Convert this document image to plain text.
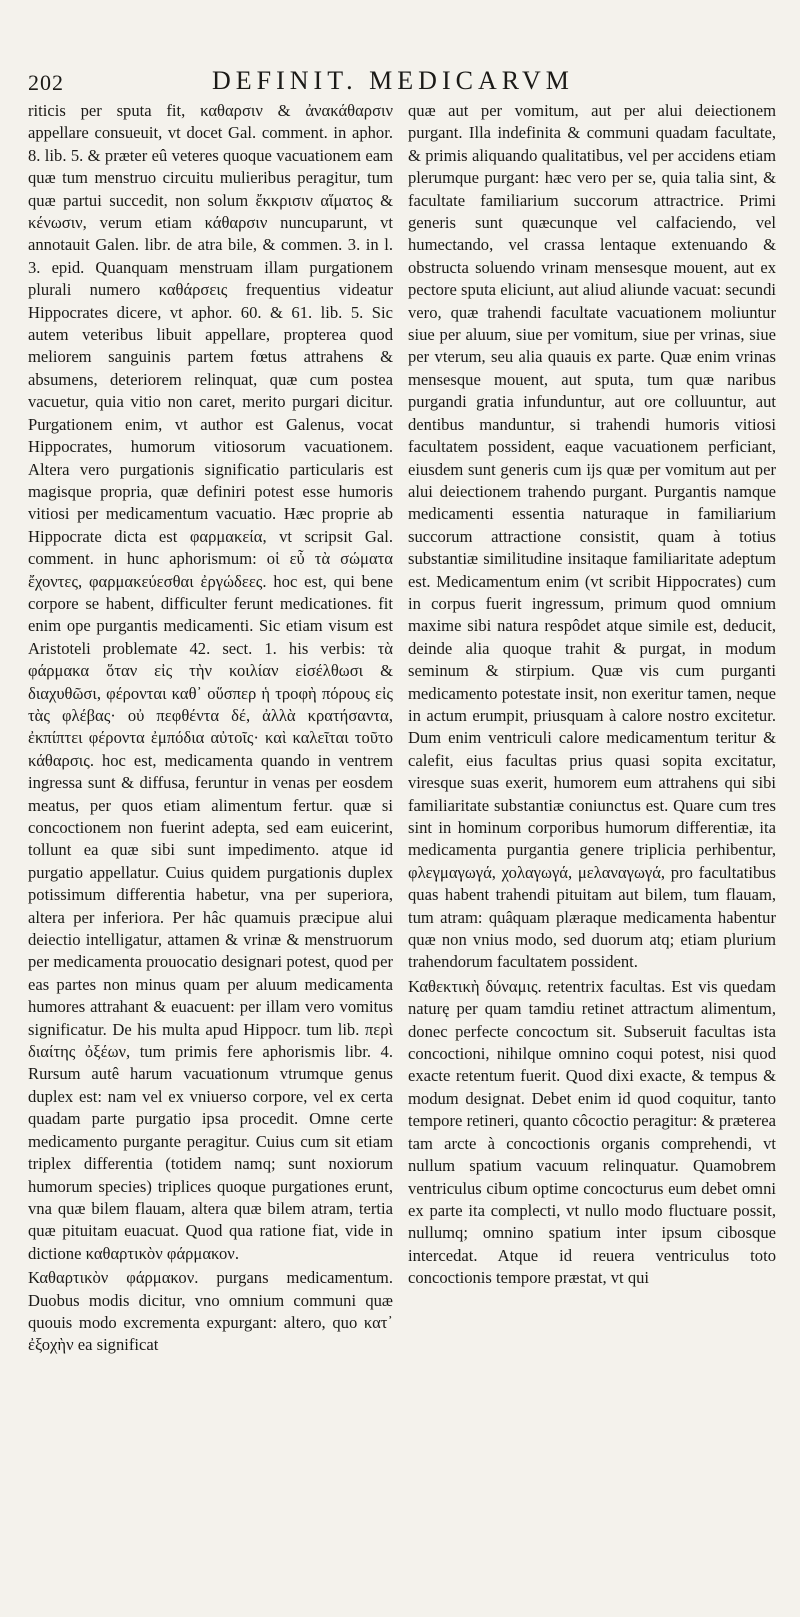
202	DEFINIT. MEDICARVM

riticis per sputa fit, καθαρσιν & ἀνακάθαρσιν appellare consueuit, vt docet Gal. comment. in aphor. 8. lib. 5. & præter eû veteres quoque vacuationem eam quæ tum menstruo circuitu mulieribus peragitur, tum quæ partui succedit, non solum ἔκκρισιν αἵματος & κένωσιν, verum etiam κάθαρσιν nuncuparunt, vt annotauit Galen. libr. de atra bile, & commen. 3. in l. 3. epid. Quanquam menstruam illam purgationem plurali numero καθάρσεις frequentius videatur Hippocrates dicere, vt aphor. 60. & 61. lib. 5. Sic autem veteribus libuit appellare, propterea quod meliorem sanguinis partem fœtus attrahens & absumens, deteriorem relinquat, quæ cum postea vacuetur, quia vitio non caret, merito purgari dicitur. Purgationem enim, vt author est Galenus, vocat Hippocrates, humorum vitiosorum vacuationem. Altera vero purgationis significatio particularis est magisque propria, quæ definiri potest esse humoris vitiosi per medicamentum vacuatio. Hæc proprie ab Hippocrate dicta est φαρμακεία, vt scripsit Gal. comment. in hunc aphorismum: οἱ εὖ τὰ σώματα ἔχοντες, φαρμακεύεσθαι ἐργώδεες. hoc est, qui bene corpore se habent, difficulter ferunt medicationes. fit enim ope purgantis medicamenti. Sic etiam visum est Aristoteli problemate 42. sect. 1. his verbis: τὰ φάρμακα ὅταν εἰς τὴν κοιλίαν εἰσέλθωσι & διαχυθῶσι, φέρονται καθ᾽ οὕσπερ ἡ τροφὴ πόρους εἰς τὰς φλέβας· οὐ πεφθέντα δέ, ἀλλὰ κρατήσαντα, ἐκπίπτει φέροντα ἐμπόδια αὐτοῖς· καὶ καλεῖται τοῦτο κάθαρσις. hoc est, medicamenta quando in ventrem ingressa sunt & diffusa, feruntur in venas per eosdem meatus, per quos etiam alimentum fertur. quæ si concoctionem non fuerint adepta, sed eam euicerint, tollunt ea quæ sibi sunt impedimento. atque id purgatio appellatur. Cuius quidem purgationis duplex potissimum differentia habetur, vna per superiora, altera per inferiora. Per hâc quamuis præcipue alui deiectio intelligatur, attamen & vrinæ & menstruorum per medicamenta prouocatio designari potest, quod per eas partes non minus quam per aluum medicamenta humores attrahant & euacuent: per illam vero vomitus significatur. De his multa apud Hippocr. tum lib. περὶ διαίτης ὀξέων, tum primis fere aphorismis libr. 4. Rursum autê harum vacuationum vtrumque genus duplex est: nam vel ex vniuerso corpore, vel ex certa quadam parte purgatio ipsa procedit. Omne certe medicamento purgante peragitur. Cuius cum sit etiam triplex differentia (totidem namq; sunt noxiorum humorum species) triplices quoque purgationes erunt, vna quæ bilem flauam, altera quæ bilem atram, tertia quæ pituitam euacuat. Quod qua ratione fiat, vide in dictione καθαρτικὸν φάρμακον.

Καθαρτικὸν φάρμακον. purgans medicamentum. Duobus modis dicitur, vno omnium communi quæ quouis modo excrementa expurgant: altero, quo κατ᾽ ἐξοχὴν ea significat

quæ aut per vomitum, aut per alui deiectionem purgant. Illa indefinita & communi quadam facultate, & primis aliquando qualitatibus, vel per accidens etiam plerumque purgant: hæc vero per se, quia talia sint, & facultate familiarium succorum attractrice. Primi generis sunt quæcunque vel calfaciendo, vel humectando, vel crassa lentaque extenuando & obstructa soluendo vrinam mensesque mouent, aut ex pectore sputa eliciunt, aut aliud aliunde vacuat: secundi vero, quæ trahendi facultate vacuationem moliuntur siue per aluum, siue per vomitum, siue per vrinas, siue per vterum, seu alia quauis ex parte. Quæ enim vrinas mensesque mouent, aut sputa, tum quæ naribus purgandi gratia infunduntur, aut ore colluuntur, aut dentibus manduntur, si trahendi humoris vitiosi facultatem possident, eaque vacuationem perficiant, eiusdem sunt generis cum ijs quæ per vomitum aut per alui deiectionem trahendo purgant. Purgantis namque medicamenti essentia naturaque in familiarium succorum attractione consistit, quam à totius substantiæ similitudine insitaque familiaritate adeptum est. Medicamentum enim (vt scribit Hippocrates) cum in corpus fuerit ingressum, primum quod omnium maxime sibi natura respôdet atque simile est, deducit, deinde alia quoque trahit & purgat, in modum seminum & stirpium. Quæ vis cum purganti medicamento potestate insit, non exeritur tamen, neque in actum erumpit, priusquam à calore nostro excitetur. Dum enim ventriculi calore medicamentum teritur & calefit, eius facultas prius quasi sopita excitatur, viresque suas exerit, humorem eum attrahens qui sibi familiaritate substantiæ coniunctus est. Quare cum tres sint in hominum corporibus humorum differentiæ, ita medicamenta purgantia genere triplicia perhibentur, φλεγμαγωγά, χολαγωγά, μελαναγωγά, pro facultatibus quas habent trahendi pituitam aut bilem, tum flauam, tum atram: quâquam plæraque medicamenta habentur quæ non vnius modo, sed duorum atq; etiam plurium trahendorum facultatem possident.

Καθεκτικὴ δύναμις. retentrix facultas. Est vis quedam naturę per quam tamdiu retinet attractum alimentum, donec perfecte concoctum sit. Subseruit facultas ista concoctioni, nihilque omnino coqui potest, nisi quod exacte retentum fuerit. Quod dixi exacte, & tempus & modum designat. Debet enim id quod coquitur, tanto tempore retineri, quanto côcoctio peragitur: & præterea tam arcte à concoctionis organis comprehendi, vt nullum spatium vacuum relinquatur. Quamobrem ventriculus cibum optime concocturus eum debet omni ex parte ita complecti, vt nullo modo fluctuare possit, nullumq; omnino spatium inter ipsum cibosque intercedat. Atque id reuera ventriculus toto concoctionis tempore præstat, vt qui
